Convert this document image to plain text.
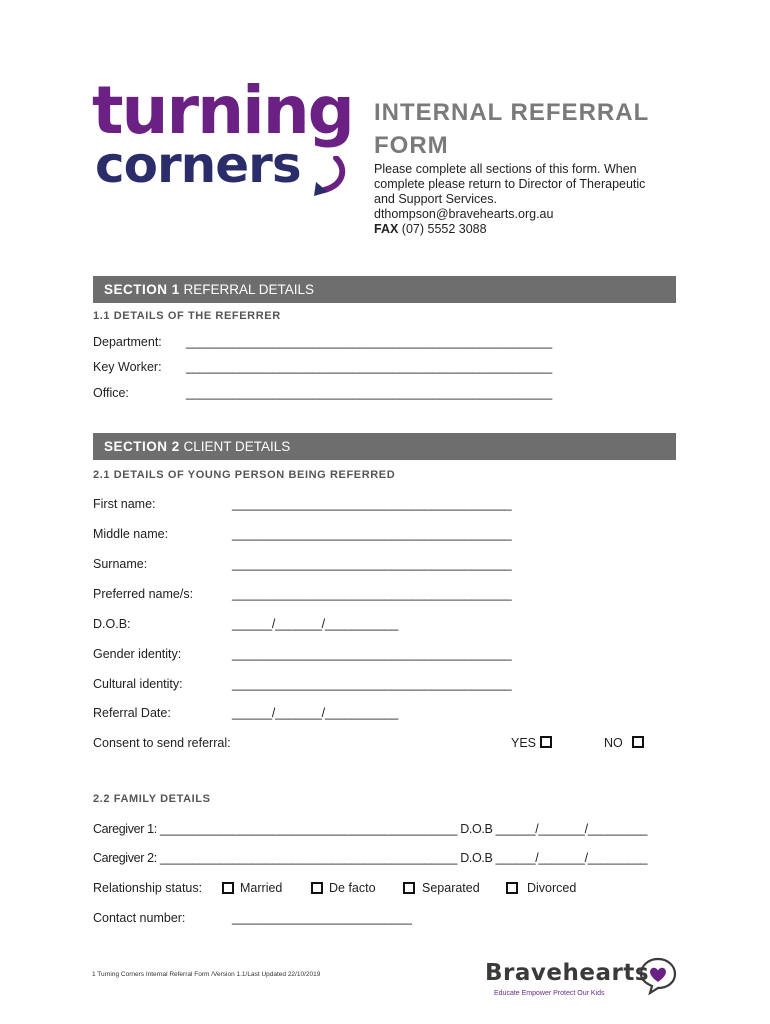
turning
corners
INTERNAL REFERRAL FORM
Please complete all sections of this form. When
complete please return to Director of Therapeutic
and Support Services.
dthompson@bravehearts.org.au
FAX (07) 5552 3088
SECTION 1 REFERRAL DETAILS
1.1 DETAILS OF THE REFERRER
Department: _______________________________________________________
Key Worker: _______________________________________________________
Office:	_______________________________________________________
SECTION 2 CLIENT DETAILS
2.1 DETAILS OF YOUNG PERSON BEING REFERRED
First name:	__________________________________________
Middle name:	__________________________________________
Surname:	__________________________________________
Preferred name/s:	__________________________________________
D.O.B:	______/_______/___________
Gender identity:	__________________________________________
Cultural identity:	__________________________________________
Referral Date:	______/_______/___________
Consent to send referral:	YES	NO
2.2 FAMILY DETAILS
Caregiver 1: _____________________________________________ D.O.B ______/_______/_________
Caregiver 2: _____________________________________________ D.O.B ______/_______/_________
Relationship status:	Married	De facto	Separated	Divorced
Contact number:	___________________________
1 Turning Corners Internal Referral Form /Version 1.1/Last Updated 22/10/2019	Bravehearts
Educate Empower Protect Our Kids
